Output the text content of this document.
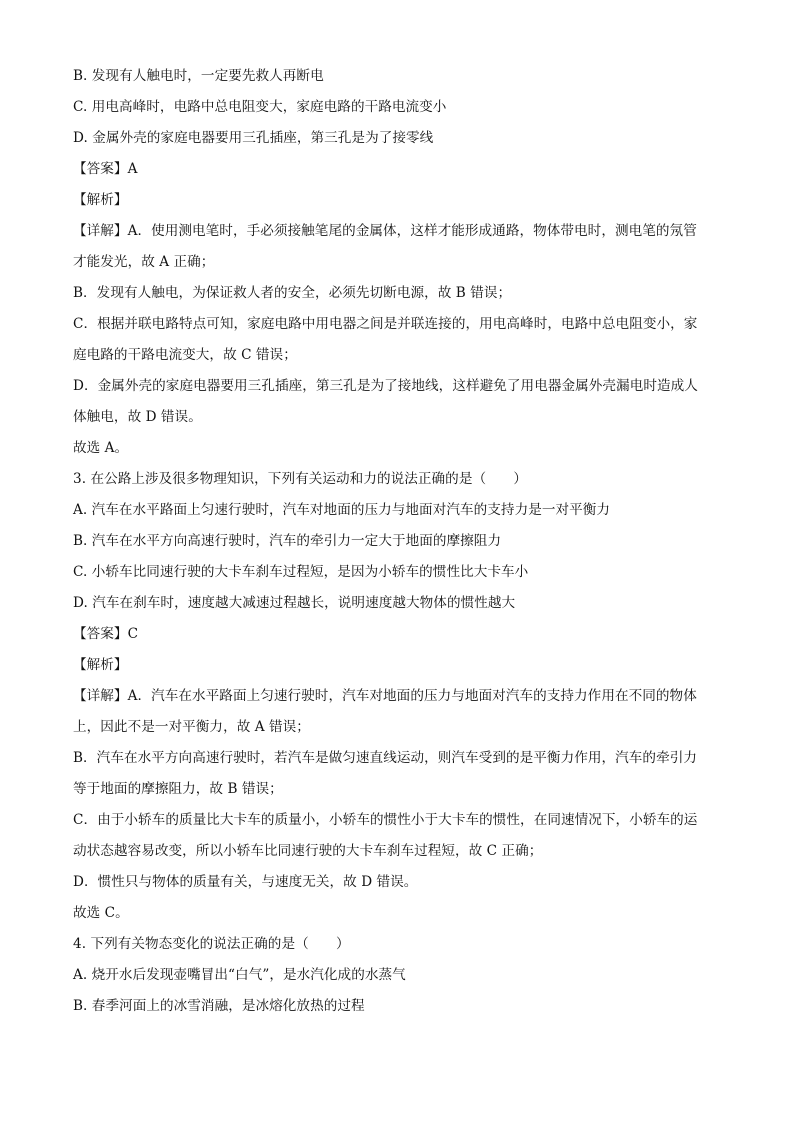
B. 发现有人触电时，一定要先救人再断电
C. 用电高峰时，电路中总电阻变大，家庭电路的干路电流变小
D. 金属外壳的家庭电器要用三孔插座，第三孔是为了接零线
【答案】A
【解析】
【详解】A．使用测电笔时，手必须接触笔尾的金属体，这样才能形成通路，物体带电时，测电笔的氖管
才能发光，故 A 正确；
B．发现有人触电，为保证救人者的安全，必须先切断电源，故 B 错误；
C．根据并联电路特点可知，家庭电路中用电器之间是并联连接的，用电高峰时，电路中总电阻变小，家
庭电路的干路电流变大，故 C 错误；
D．金属外壳的家庭电器要用三孔插座，第三孔是为了接地线，这样避免了用电器金属外壳漏电时造成人
体触电，故 D 错误。
故选 A。
3. 在公路上涉及很多物理知识，下列有关运动和力的说法正确的是（　　）
A. 汽车在水平路面上匀速行驶时，汽车对地面的压力与地面对汽车的支持力是一对平衡力
B. 汽车在水平方向高速行驶时，汽车的牵引力一定大于地面的摩擦阻力
C. 小轿车比同速行驶的大卡车刹车过程短，是因为小轿车的惯性比大卡车小
D. 汽车在刹车时，速度越大减速过程越长，说明速度越大物体的惯性越大
【答案】C
【解析】
【详解】A．汽车在水平路面上匀速行驶时，汽车对地面的压力与地面对汽车的支持力作用在不同的物体
上，因此不是一对平衡力，故 A 错误；
B．汽车在水平方向高速行驶时，若汽车是做匀速直线运动，则汽车受到的是平衡力作用，汽车的牵引力
等于地面的摩擦阻力，故 B 错误；
C．由于小轿车的质量比大卡车的质量小，小轿车的惯性小于大卡车的惯性，在同速情况下，小轿车的运
动状态越容易改变，所以小轿车比同速行驶的大卡车刹车过程短，故 C 正确；
D．惯性只与物体的质量有关，与速度无关，故 D 错误。
故选 C。
4. 下列有关物态变化的说法正确的是（　　）
A. 烧开水后发现壶嘴冒出“白气”，是水汽化成的水蒸气
B. 春季河面上的冰雪消融，是冰熔化放热的过程
